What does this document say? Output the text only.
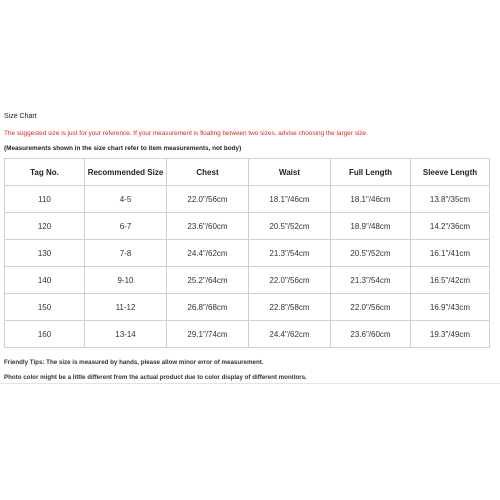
Size Chart
The suggested size is just for your reference. If your measurement is floating between two sizes, advise choosing the larger size.
(Measurements shown in the size chart refer to item measurements, not body)
Tag No.	Recommended Size	Chest	Waist	Full Length	Sleeve Length
110	4-5	22.0"/56cm	18.1"/46cm	18.1"/46cm	13.8"/35cm
120	6-7	23.6"/60cm	20.5"/52cm	18.9"/48cm	14.2"/36cm
130	7-8	24.4"/62cm	21.3"/54cm	20.5"/52cm	16.1"/41cm
140	9-10	25.2"/64cm	22.0"/56cm	21.3"/54cm	16.5"/42cm
150	11-12	26.8"/68cm	22.8"/58cm	22.0"/56cm	16.9"/43cm
160	13-14	29.1"/74cm	24.4"/62cm	23.6"/60cm	19.3"/49cm
Friendly Tips: The size is measured by hands, please allow minor error of measurement.
Photo color might be a little different from the actual product due to color display of different monitors.
